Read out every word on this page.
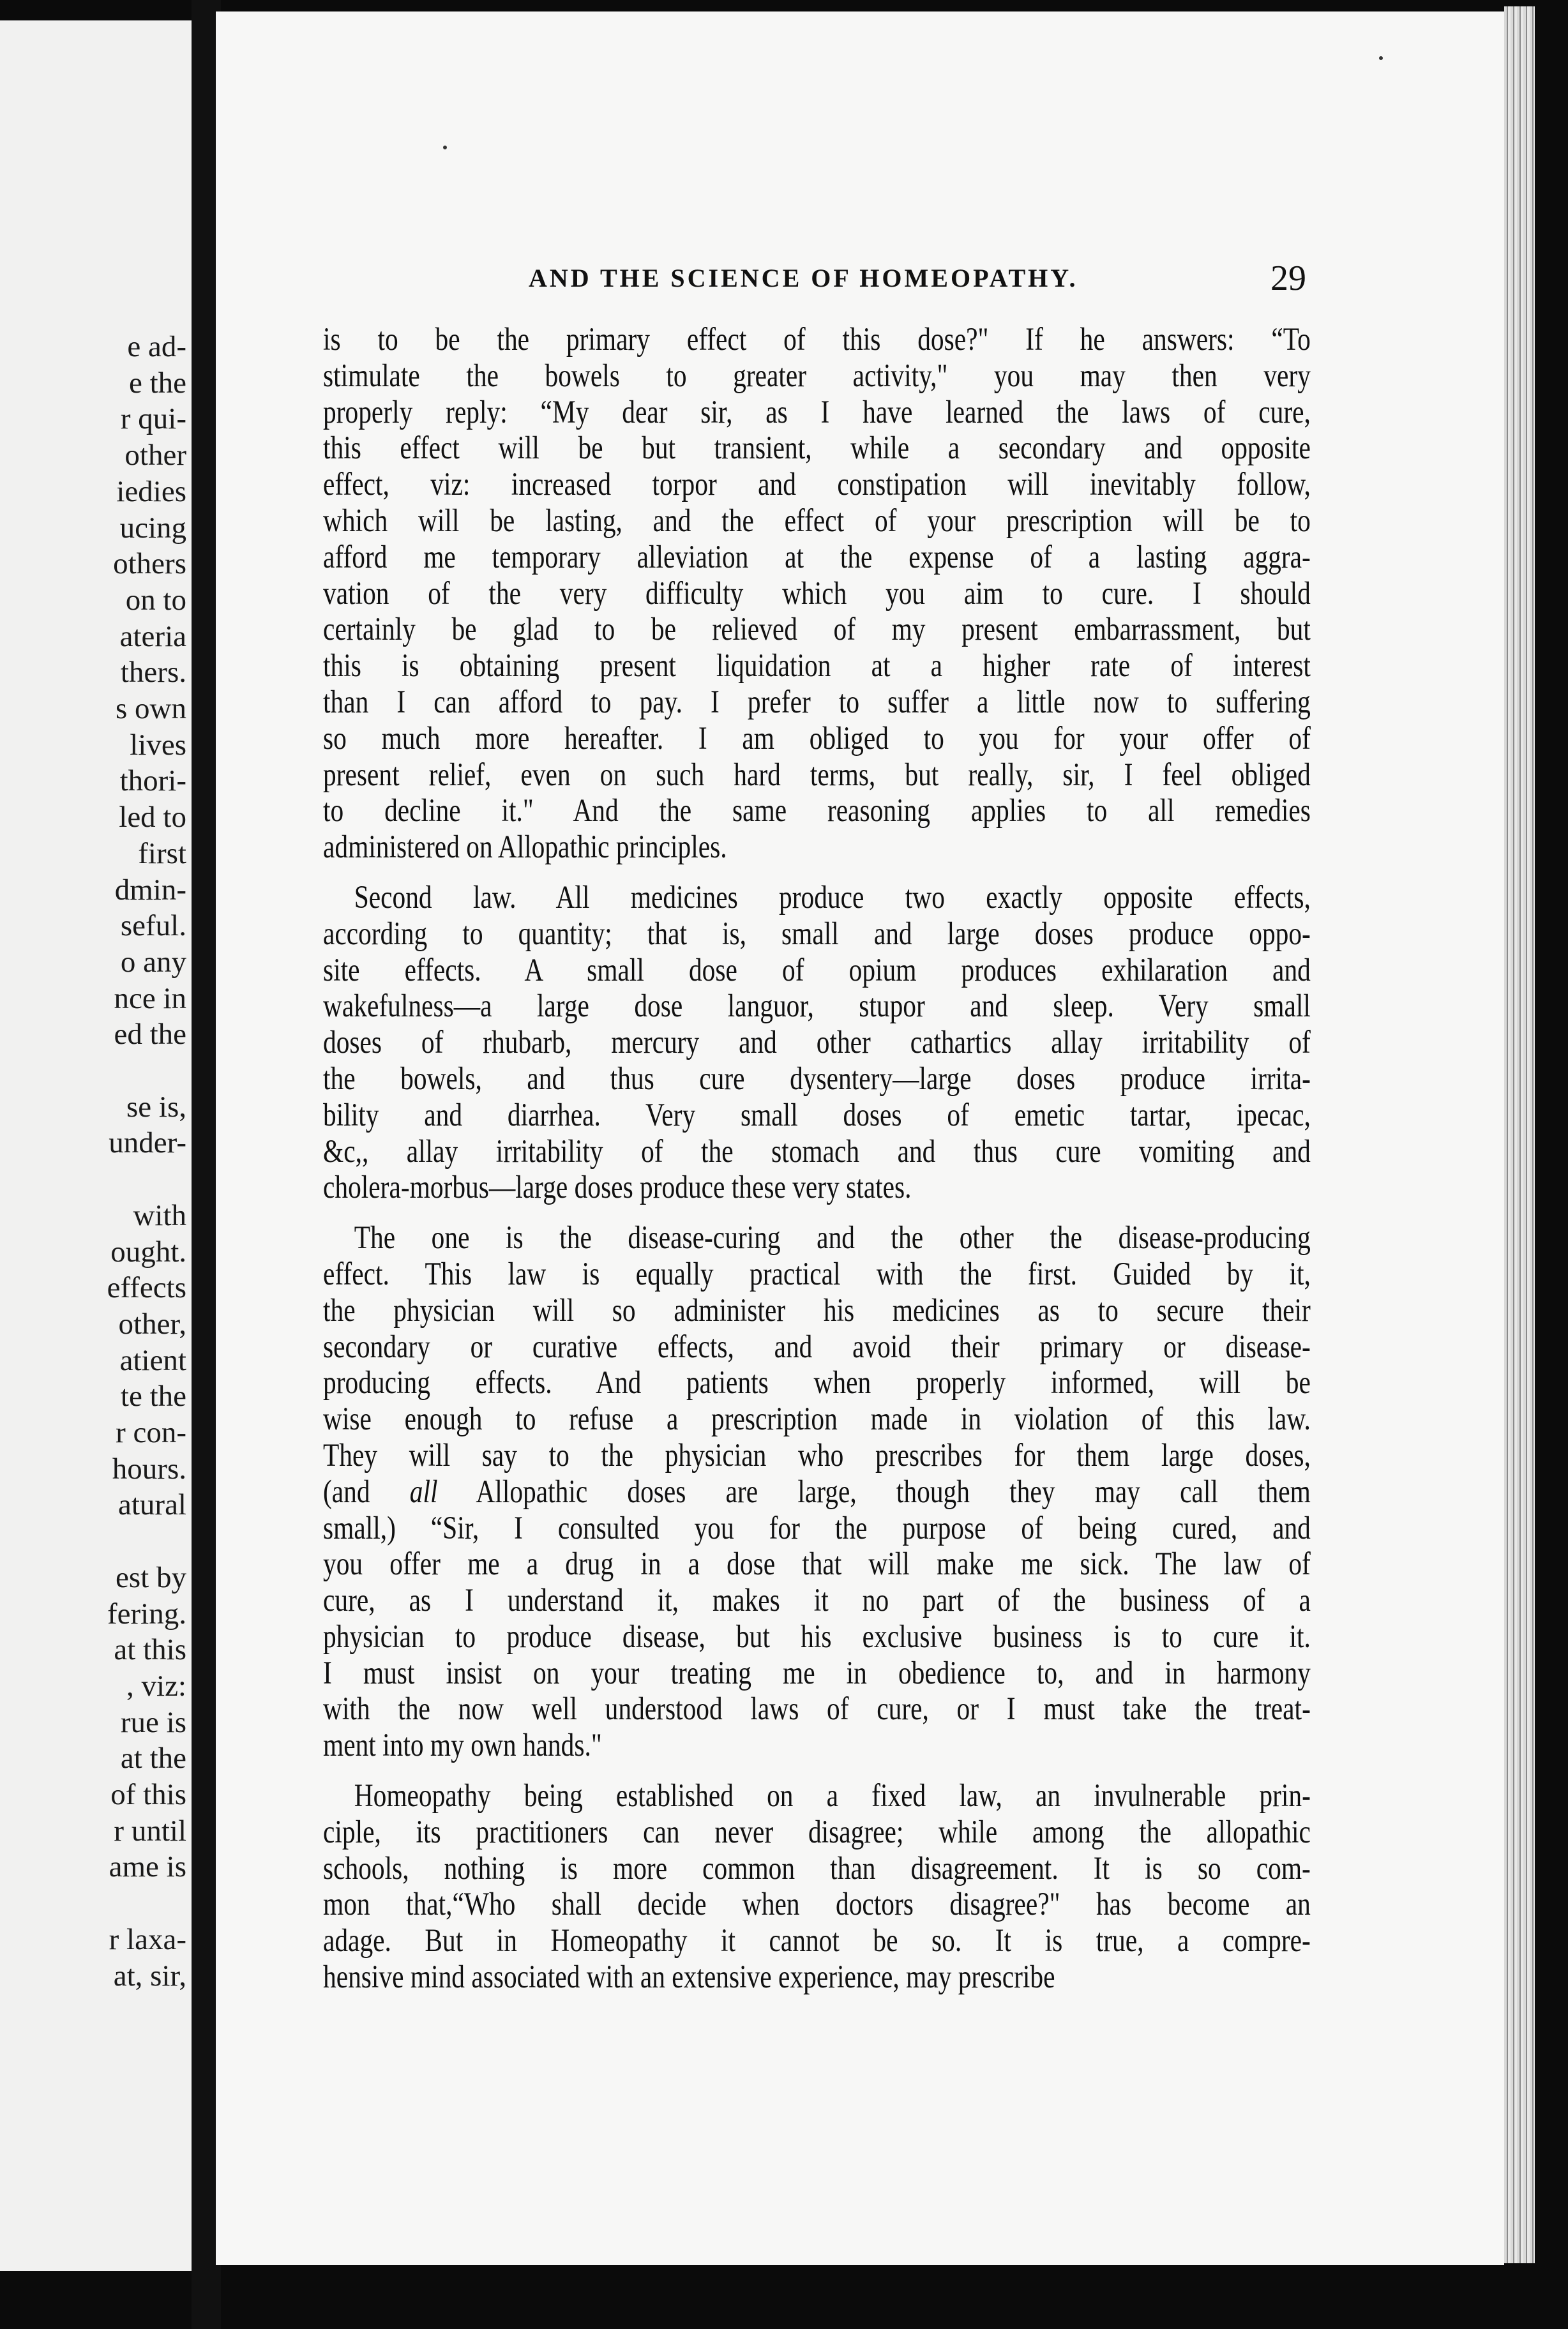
e ad-
e the
r qui-
other
iedies
ucing
others
on to
ateria
thers.
s own
lives
thori-
led to
first
dmin-
seful.
o any
nce in
ed the
se is,
under-
with
ought.
effects
other,
atient
te the
r con-
hours.
atural
est by
fering.
at this
, viz:
rue is
at the
of this
r until
ame is
r laxa-
at, sir,
AND THE SCIENCE OF HOMEOPATHY.	29
is to be the primary effect of this dose?" If he answers: “To
stimulate the bowels to greater activity," you may then very
properly reply: “My dear sir, as I have learned the laws of cure,
this effect will be but transient, while a secondary and opposite
effect, viz: increased torpor and constipation will inevitably follow,
which will be lasting, and the effect of your prescription will be to
afford me temporary alleviation at the expense of a lasting aggra-
vation of the very difficulty which you aim to cure. I should
certainly be glad to be relieved of my present embarrassment, but
this is obtaining present liquidation at a higher rate of interest
than I can afford to pay. I prefer to suffer a little now to suffering
so much more hereafter. I am obliged to you for your offer of
present relief, even on such hard terms, but really, sir, I feel obliged
to decline it." And the same reasoning applies to all remedies
administered on Allopathic principles.
Second law. All medicines produce two exactly opposite effects,
according to quantity; that is, small and large doses produce oppo-
site effects. A small dose of opium produces exhilaration and
wakefulness—a large dose languor, stupor and sleep. Very small
doses of rhubarb, mercury and other cathartics allay irritability of
the bowels, and thus cure dysentery—large doses produce irrita-
bility and diarrhea. Very small doses of emetic tartar, ipecac,
&c,, allay irritability of the stomach and thus cure vomiting and
cholera-morbus—large doses produce these very states.
The one is the disease-curing and the other the disease-producing
effect. This law is equally practical with the first. Guided by it,
the physician will so administer his medicines as to secure their
secondary or curative effects, and avoid their primary or disease-
producing effects. And patients when properly informed, will be
wise enough to refuse a prescription made in violation of this law.
They will say to the physician who prescribes for them large doses,
(and all Allopathic doses are large, though they may call them
small,) “Sir, I consulted you for the purpose of being cured, and
you offer me a drug in a dose that will make me sick. The law of
cure, as I understand it, makes it no part of the business of a
physician to produce disease, but his exclusive business is to cure it.
I must insist on your treating me in obedience to, and in harmony
with the now well understood laws of cure, or I must take the treat-
ment into my own hands."
Homeopathy being established on a fixed law, an invulnerable prin-
ciple, its practitioners can never disagree; while among the allopathic
schools, nothing is more common than disagreement. It is so com-
mon that,“Who shall decide when doctors disagree?" has become an
adage. But in Homeopathy it cannot be so. It is true, a compre-
hensive mind associated with an extensive experience, may prescribe
